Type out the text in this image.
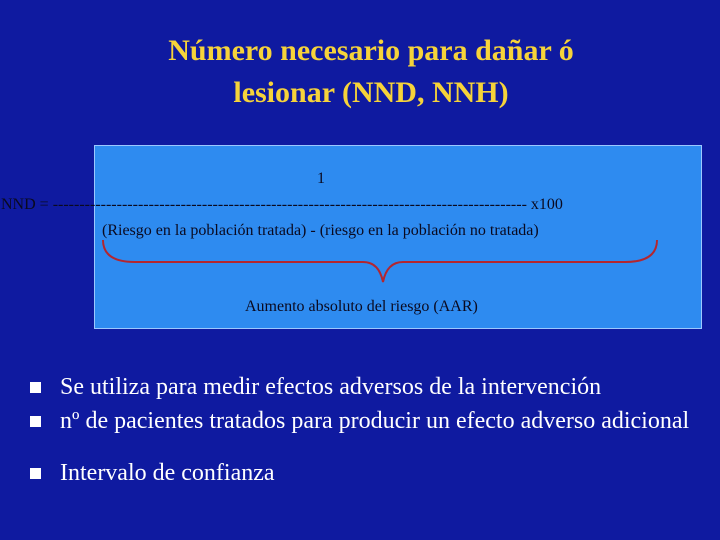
Número necesario para dañar ó
lesionar (NND, NNH)
1
NND = ----------------------------------------------------------------------------------------- x100
(Riesgo en la población tratada) - (riesgo en la población no tratada)
Aumento absoluto del riesgo (AAR)
Se utiliza para medir efectos adversos de la intervención
nº de pacientes tratados para producir un efecto adverso adicional
Intervalo de confianza
